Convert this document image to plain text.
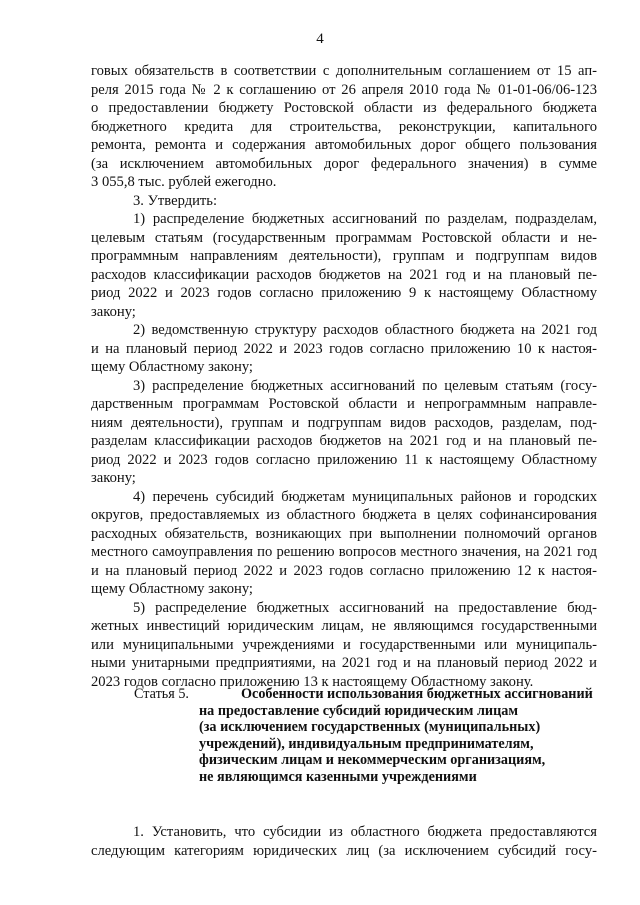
4
говых обязательств в соответствии с дополнительным соглашением от 15 ап-
реля 2015 года № 2 к соглашению от 26 апреля 2010 года № 01-01-06/06-123
о предоставлении бюджету Ростовской области из федерального бюджета
бюджетного кредита для строительства, реконструкции, капитального
ремонта, ремонта и содержания автомобильных дорог общего пользования
(за исключением автомобильных дорог федерального значения) в сумме
3 055,8 тыс. рублей ежегодно.
3. Утвердить:
1) распределение бюджетных ассигнований по разделам, подразделам,
целевым статьям (государственным программам Ростовской области и не-
программным направлениям деятельности), группам и подгруппам видов
расходов классификации расходов бюджетов на 2021 год и на плановый пе-
риод 2022 и 2023 годов согласно приложению 9 к настоящему Областному
закону;
2) ведомственную структуру расходов областного бюджета на 2021 год
и на плановый период 2022 и 2023 годов согласно приложению 10 к настоя-
щему Областному закону;
3) распределение бюджетных ассигнований по целевым статьям (госу-
дарственным программам Ростовской области и непрограммным направле-
ниям деятельности), группам и подгруппам видов расходов, разделам, под-
разделам классификации расходов бюджетов на 2021 год и на плановый пе-
риод 2022 и 2023 годов согласно приложению 11 к настоящему Областному
закону;
4) перечень субсидий бюджетам муниципальных районов и городских
округов, предоставляемых из областного бюджета в целях софинансирования
расходных обязательств, возникающих при выполнении полномочий органов
местного самоуправления по решению вопросов местного значения, на 2021 год
и на плановый период 2022 и 2023 годов согласно приложению 12 к настоя-
щему Областному закону;
5) распределение бюджетных ассигнований на предоставление бюд-
жетных инвестиций юридическим лицам, не являющимся государственными
или муниципальными учреждениями и государственными или муниципаль-
ными унитарными предприятиями, на 2021 год и на плановый период 2022 и
2023 годов согласно приложению 13 к настоящему Областному закону.
Статья 5.	Особенности использования бюджетных ассигнований
на предоставление субсидий юридическим лицам
(за исключением государственных (муниципальных)
учреждений), индивидуальным предпринимателям,
физическим лицам и некоммерческим организациям,
не являющимся казенными учреждениями
1. Установить, что субсидии из областного бюджета предоставляются
следующим категориям юридических лиц (за исключением субсидий госу-
